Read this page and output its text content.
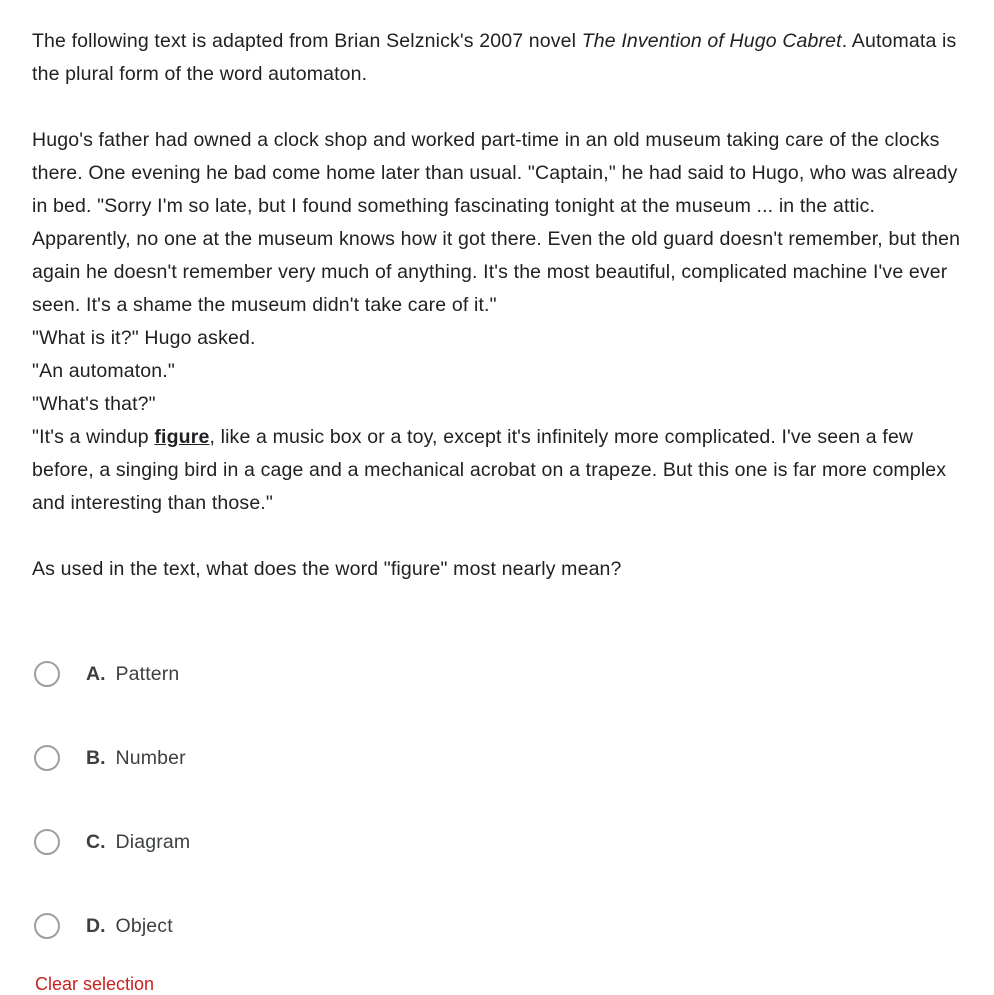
The following text is adapted from Brian Selznick's 2007 novel The Invention of Hugo Cabret. Automata is the plural form of the word automaton.

Hugo's father had owned a clock shop and worked part-time in an old museum taking care of the clocks there. One evening he bad come home later than usual. "Captain," he had said to Hugo, who was already in bed. "Sorry I'm so late, but I found something fascinating tonight at the museum ... in the attic. Apparently, no one at the museum knows how it got there. Even the old guard doesn't remember, but then again he doesn't remember very much of anything. It's the most beautiful, complicated machine I've ever seen. It's a shame the museum didn't take care of it."

"What is it?" Hugo asked.

"An automaton."

"What's that?"

"It's a windup figure, like a music box or a toy, except it's infinitely more complicated. I've seen a few before, a singing bird in a cage and a mechanical acrobat on a trapeze. But this one is far more complex and interesting than those."

As used in the text, what does the word "figure" most nearly mean?

A. Pattern
B. Number
C. Diagram
D. Object
Clear selection
